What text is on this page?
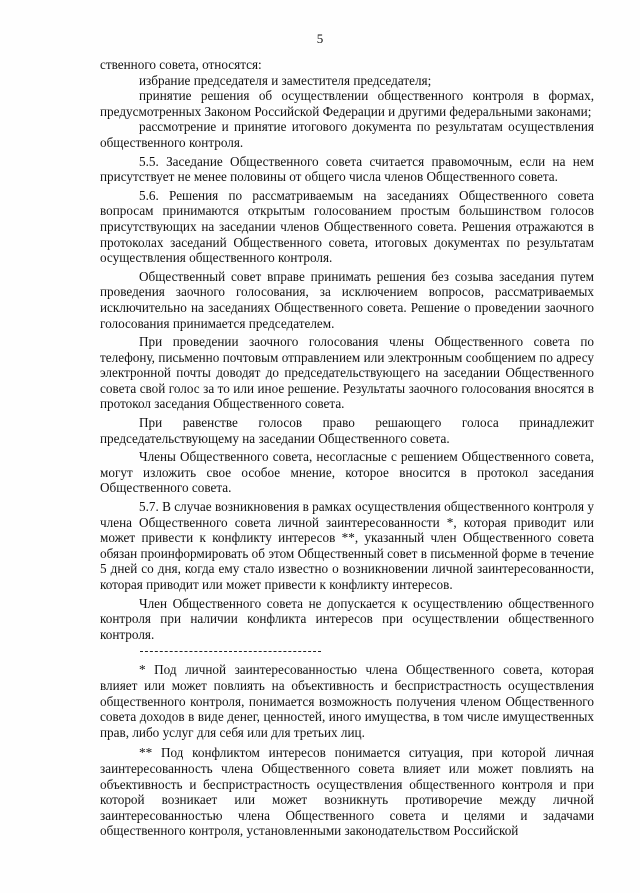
5

ственного совета, относятся:

избрание председателя и заместителя председателя;

принятие решения об осуществлении общественного контроля в формах, предусмотренных Законом Российской Федерации и другими федеральными законами;

рассмотрение и принятие итогового документа по результатам осуществления общественного контроля.

5.5. Заседание Общественного совета считается правомочным, если на нем присутствует не менее половины от общего числа членов Общественного совета.

5.6. Решения по рассматриваемым на заседаниях Общественного совета вопросам принимаются открытым голосованием простым большинством голосов присутствующих на заседании членов Общественного совета. Решения отражаются в протоколах заседаний Общественного совета, итоговых документах по результатам осуществления общественного контроля.

Общественный совет вправе принимать решения без созыва заседания путем проведения заочного голосования, за исключением вопросов, рассматриваемых исключительно на заседаниях Общественного совета. Решение о проведении заочного голосования принимается председателем.

При проведении заочного голосования члены Общественного совета по телефону, письменно почтовым отправлением или электронным сообщением по адресу электронной почты доводят до председательствующего на заседании Общественного совета свой голос за то или иное решение. Результаты заочного голосования вносятся в протокол заседания Общественного совета.

При равенстве голосов право решающего голоса принадлежит председательствующему на заседании Общественного совета.

Члены Общественного совета, несогласные с решением Общественного совета, могут изложить свое особое мнение, которое вносится в протокол заседания Общественного совета.

5.7. В случае возникновения в рамках осуществления общественного контроля у члена Общественного совета личной заинтересованности *, которая приводит или может привести к конфликту интересов **, указанный член Общественного совета обязан проинформировать об этом Общественный совет в письменной форме в течение 5 дней со дня, когда ему стало известно о возникновении личной заинтересованности, которая приводит или может привести к конфликту интересов.

Член Общественного совета не допускается к осуществлению общественного контроля при наличии конфликта интересов при осуществлении общественного контроля.

* Под личной заинтересованностью члена Общественного совета, которая влияет или может повлиять на объективность и беспристрастность осуществления общественного контроля, понимается возможность получения членом Общественного совета доходов в виде денег, ценностей, иного имущества, в том числе имущественных прав, либо услуг для себя или для третьих лиц.

** Под конфликтом интересов понимается ситуация, при которой личная заинтересованность члена Общественного совета влияет или может повлиять на объективность и беспристрастность осуществления общественного контроля и при которой возникает или может возникнуть противоречие между личной заинтересованностью члена Общественного совета и целями и задачами общественного контроля, установленными законодательством Российской
